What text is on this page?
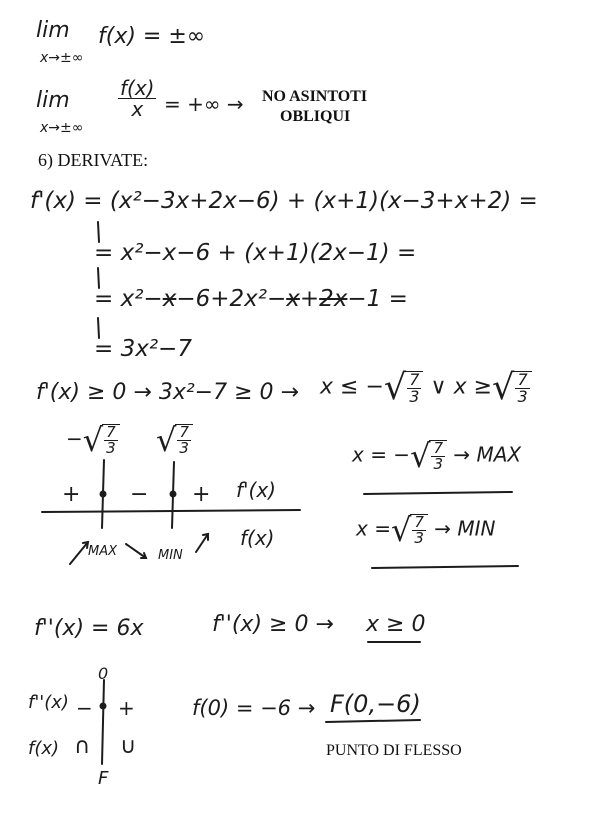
lim
x→±∞
f(x) = ±∞
lim
x→±∞
$\frac{f(x)}{x}$ = +∞ → NO ASINTOTI
OBLIQUI
6) DERIVATE:
f'(x) = (x²−3x+2x−6) + (x+1)(x−3+x+2) =
= x²−x−6 + (x+1)(2x−1) =
= x²−x−6+2x²−x+2x−1 =
= 3x²−7
f'(x) ≥ 0 → 3x²−7 ≥ 0 → x ≤ − √ $\frac{7}{3}$ ∨ x ≥ √ $\frac{7}{3}$
− √ $\frac{7}{3}$ √ $\frac{7}{3}$
+ − + f'(x)
f(x)
MAX	MIN
x = − √ $\frac{7}{3}$ → MAX
x = √ $\frac{7}{3}$ → MIN
f''(x) = 6x	f''(x) ≥ 0 → x ≥ 0
0
f''(x) − +
f(x) ∩ ∪
F
f(0) = −6 → F(0,−6)
PUNTO DI FLESSO
